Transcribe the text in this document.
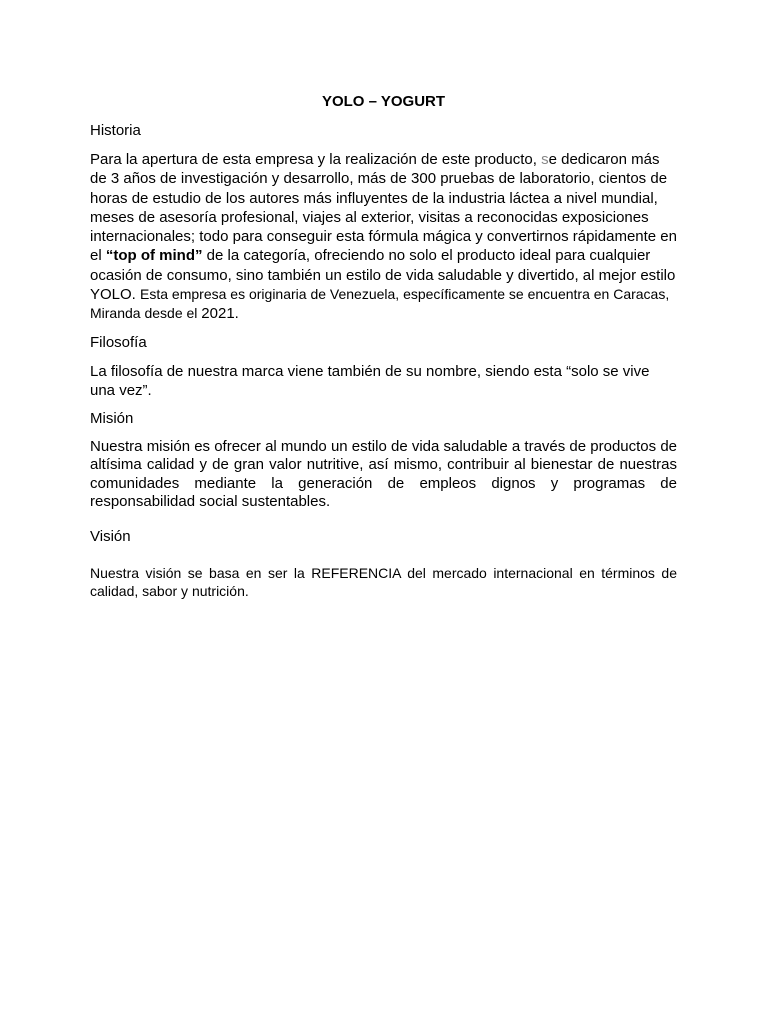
YOLO – YOGURT
Historia

Para la apertura de esta empresa y la realización de este producto, se dedicaron más de 3 años de investigación y desarrollo, más de 300 pruebas de laboratorio, cientos de horas de estudio de los autores más influyentes de la industria láctea a nivel mundial, meses de asesoría profesional, viajes al exterior, visitas a reconocidas exposiciones internacionales; todo para conseguir esta fórmula mágica y convertirnos rápidamente en el “top of mind” de la categoría, ofreciendo no solo el producto ideal para cualquier ocasión de consumo, sino también un estilo de vida saludable y divertido, al mejor estilo YOLO. Esta empresa es originaria de Venezuela, específicamente se encuentra en Caracas, Miranda desde el 2021.

Filosofía

La filosofía de nuestra marca viene también de su nombre, siendo esta “solo se vive una vez”.

Misión

Nuestra misión es ofrecer al mundo un estilo de vida saludable a través de productos de altísima calidad y de gran valor nutritive, así mismo, contribuir al bienestar de nuestras comunidades mediante la generación de empleos dignos y programas de responsabilidad social sustentables.

Visión

Nuestra visión se basa en ser la REFERENCIA del mercado internacional en términos de calidad, sabor y nutrición.
